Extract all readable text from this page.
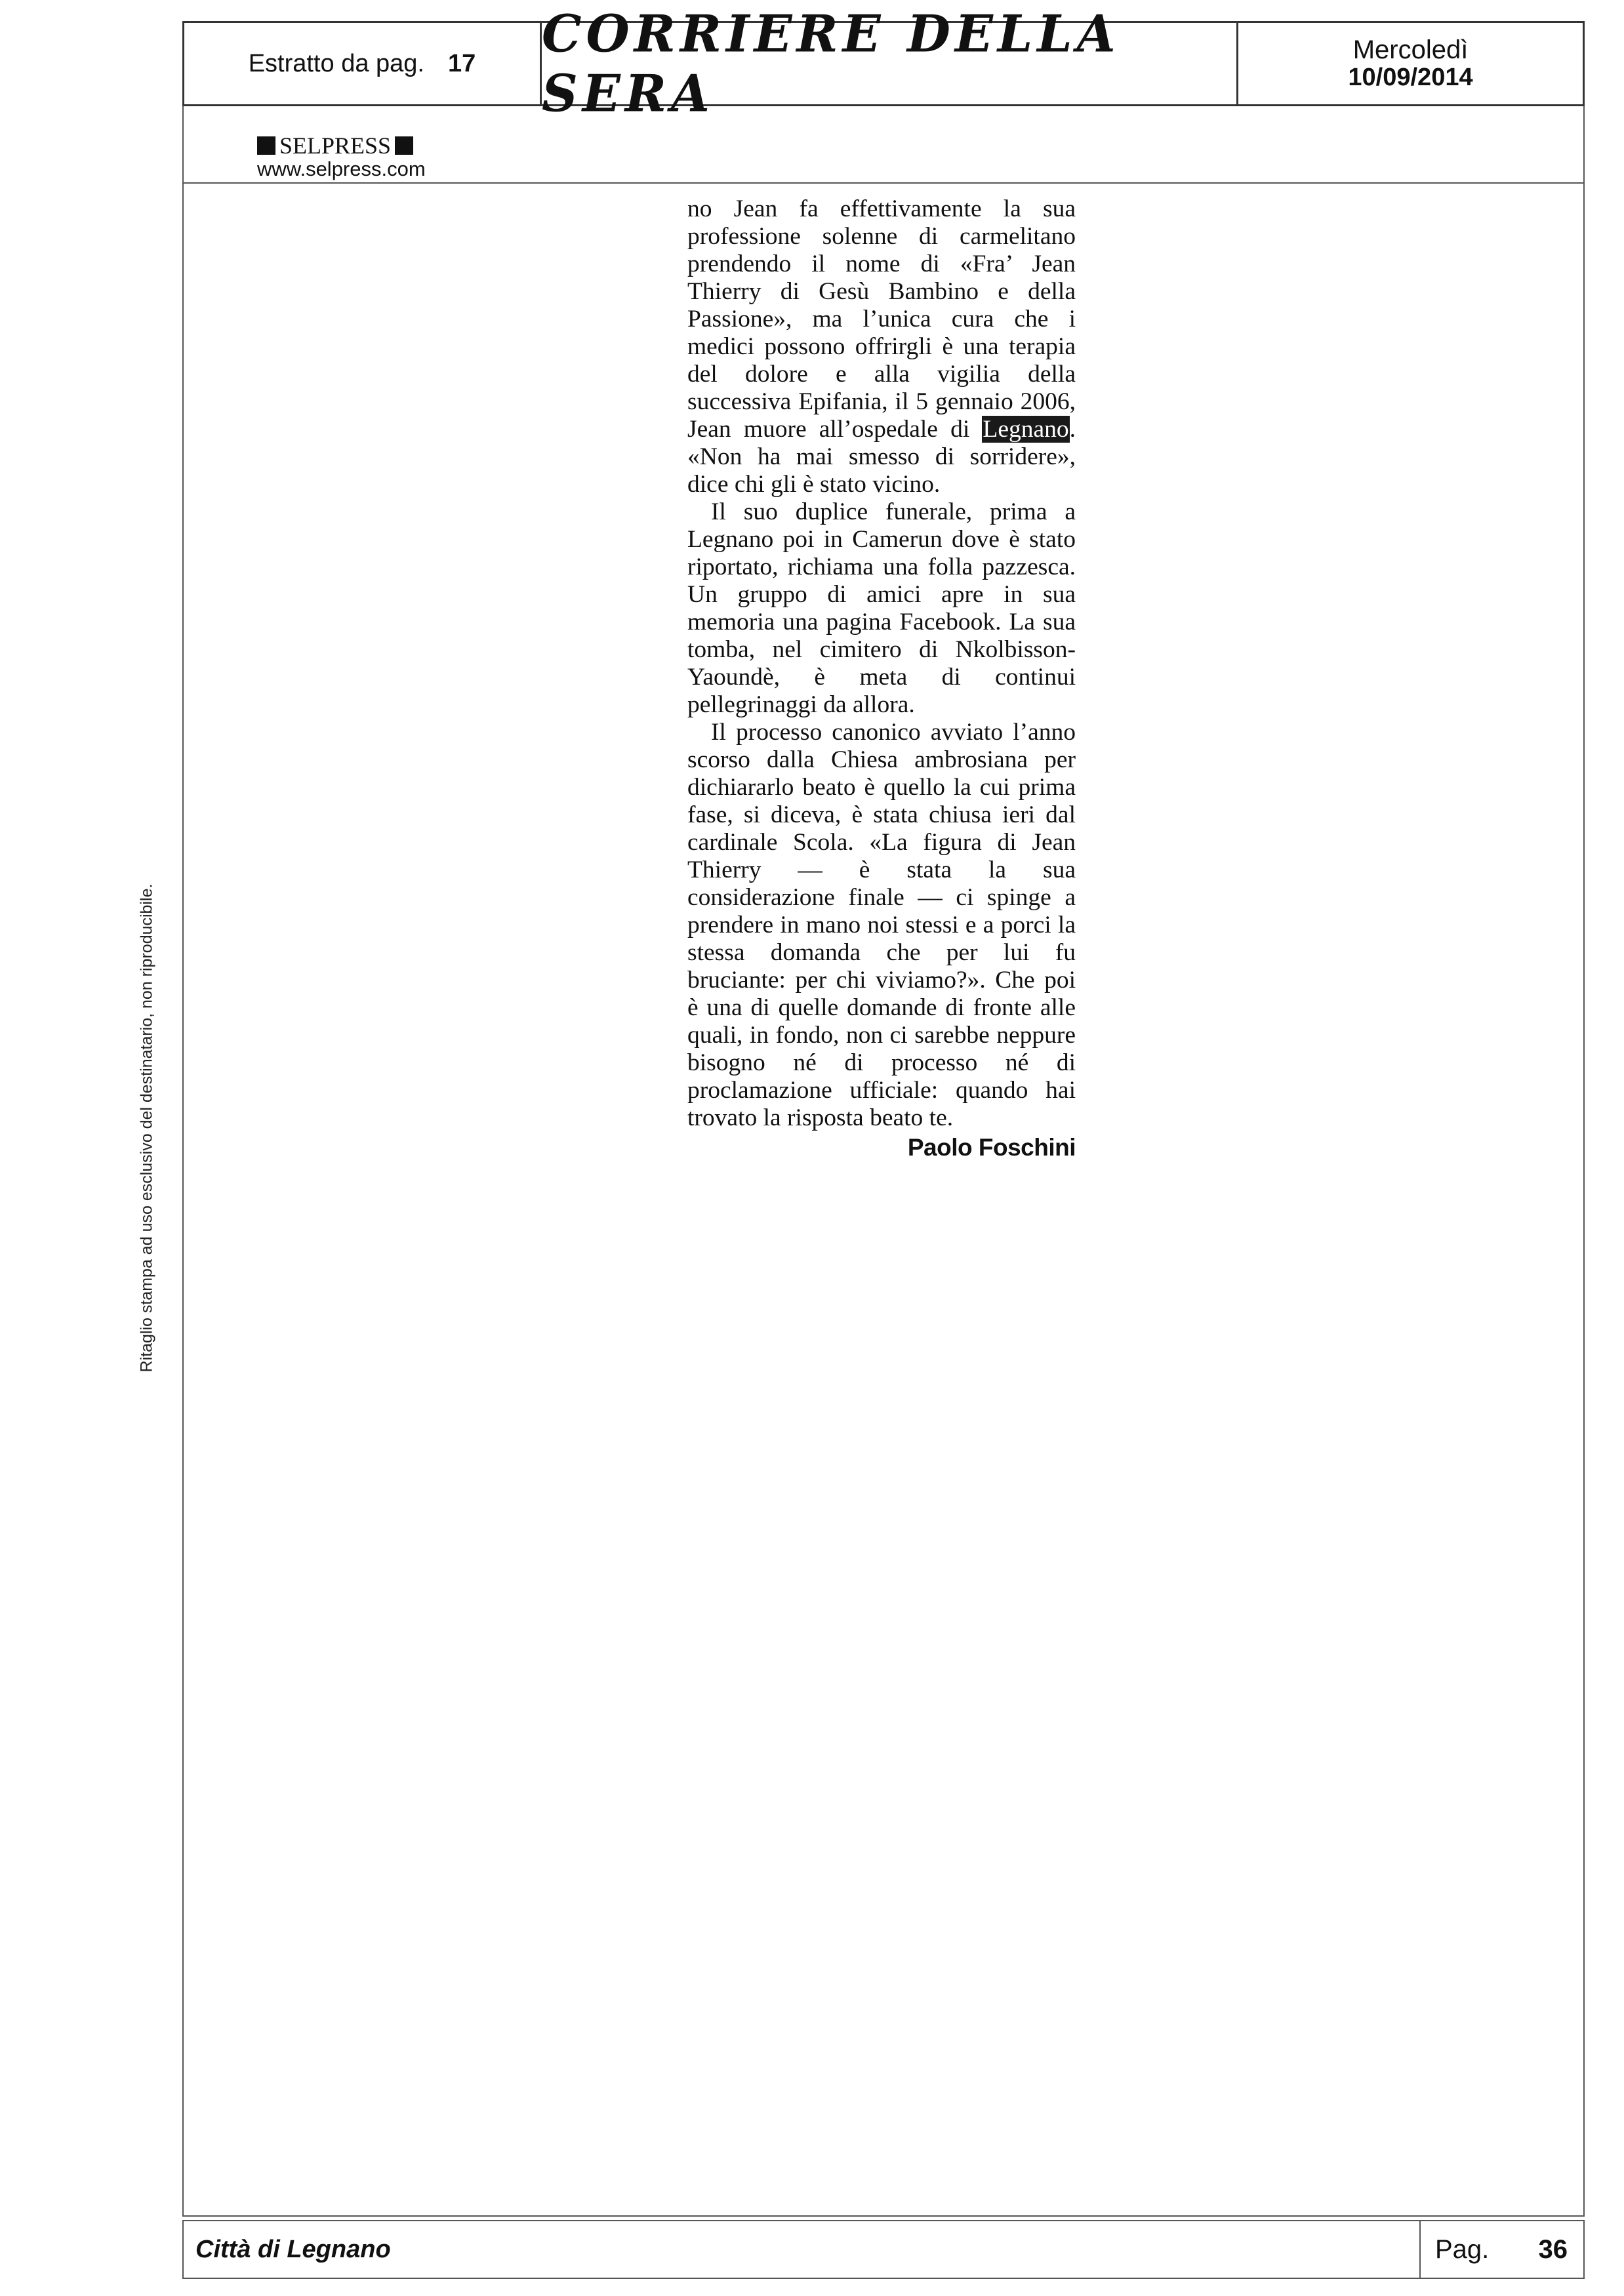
Estratto da pag. 17 CORRIERE DELLA SERA
Mercoledì
10/09/2014
SELPRESS
www.selpress.com

no Jean fa effettivamente la sua professione solenne di carmelitano prendendo il nome di «Fra’ Jean Thierry di Gesù Bambino e della Passione», ma l’unica cura che i medici possono offrirgli è una terapia del dolore e alla vigilia della successiva Epifania, il 5 gennaio 2006, Jean muore all’ospedale di Legnano. «Non ha mai smesso di sorridere», dice chi gli è stato vicino.

Il suo duplice funerale, prima a Legnano poi in Camerun dove è stato riportato, richiama una folla pazzesca. Un gruppo di amici apre in sua memoria una pagina Facebook. La sua tomba, nel cimitero di Nkolbisson-Yaoundè, è meta di continui pellegrinaggi da allora.

Il processo canonico avviato l’anno scorso dalla Chiesa ambrosiana per dichiararlo beato è quello la cui prima fase, si diceva, è stata chiusa ieri dal cardinale Scola. «La figura di Jean Thierry — è stata la sua considerazione finale — ci spinge a prendere in mano noi stessi e a porci la stessa domanda che per lui fu bruciante: per chi viviamo?». Che poi è una di quelle domande di fronte alle quali, in fondo, non ci sarebbe neppure bisogno né di processo né di proclamazione ufficiale: quando hai trovato la risposta beato te.

Paolo Foschini
Ritaglio stampa ad uso esclusivo del destinatario, non riproducibile.
Città di Legnano	Pag. 36
